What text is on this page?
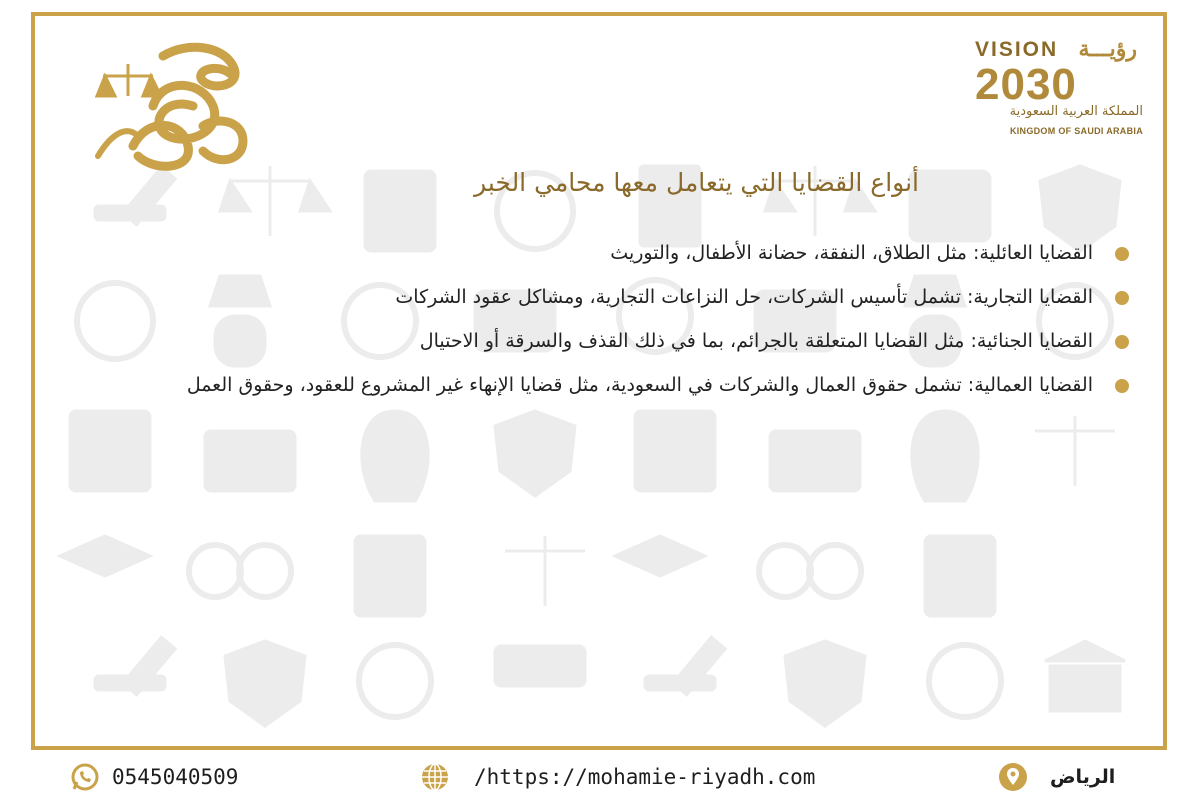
VISION رؤيـــة
2030
المملكة العربية السعودية
KINGDOM OF SAUDI ARABIA
أنواع القضايا التي يتعامل معها محامي الخبر
القضايا العائلية: مثل الطلاق، النفقة، حضانة الأطفال، والتوريث
القضايا التجارية: تشمل تأسيس الشركات، حل النزاعات التجارية، ومشاكل عقود الشركات
القضايا الجنائية: مثل القضايا المتعلقة بالجرائم، بما في ذلك القذف والسرقة أو الاحتيال
القضايا العمالية: تشمل حقوق العمال والشركات في السعودية، مثل قضايا الإنهاء غير المشروع للعقود، وحقوق العمل
0545040509	/https://mohamie-riyadh.com	الرياض
